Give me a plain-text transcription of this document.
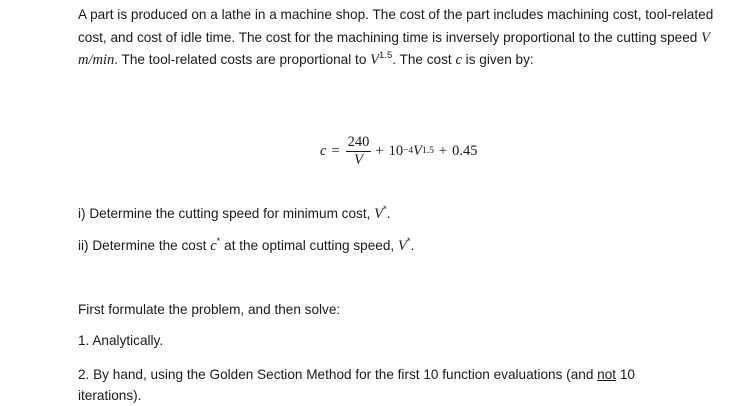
A part is produced on a lathe in a machine shop. The cost of the part includes machining cost, tool-related cost, and cost of idle time. The cost for the machining time is inversely proportional to the cutting speed V m/min. The tool-related costs are proportional to $V^{1.5}$. The cost c is given by:

$c = \frac{240}{V} + 10 -4$ V 1.5 + 0.45

i) Determine the cutting speed for minimum cost, V*.

ii) Determine the cost c* at the optimal cutting speed, V*.

First formulate the problem, and then solve:

1. Analytically.

2. By hand, using the Golden Section Method for the first 10 function evaluations (and not 10 iterations).
